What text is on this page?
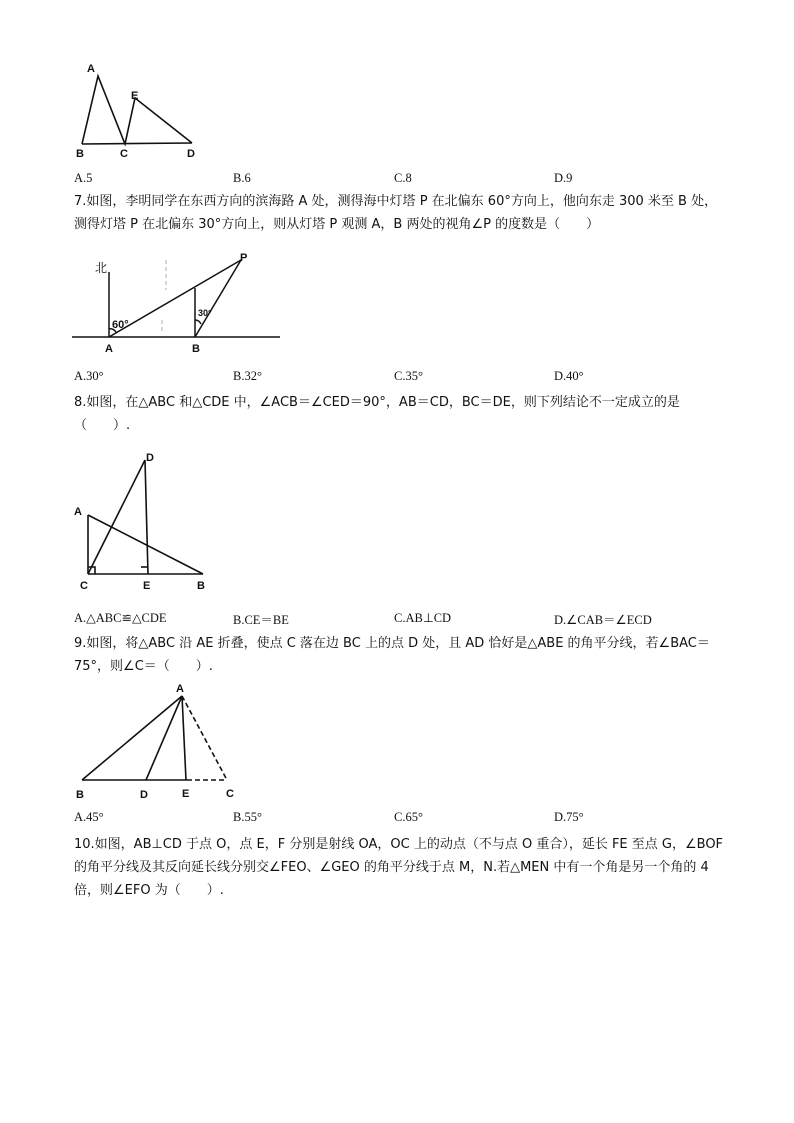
A
E
B	C	D
A.5	B.6	C.8	D.9
7.如图，李明同学在东西方向的滨海路 A 处，测得海中灯塔 P 在北偏东 60°方向上，他向东走 300 米至 B 处，测得灯塔 P 在北偏东 30°方向上，则从灯塔 P 观测 A，B 两处的视角∠P 的度数是（　　）
北
60°
30°
A	B
P
A.30°	B.32°	C.35°	D.40°
8.如图，在△ABC 和△CDE 中，∠ACB＝∠CED＝90°，AB＝CD，BC＝DE，则下列结论不一定成立的是（　　）.
D
A
C	E	B
A.△ABC≌△CDE	B.CE＝BE	C.AB⊥CD	D.∠CAB＝∠ECD
9.如图，将△ABC 沿 AE 折叠，使点 C 落在边 BC 上的点 D 处，且 AD 恰好是△ABE 的角平分线，若∠BAC＝75°，则∠C＝（　　）.
A
B	D	E	C
A.45°	B.55°	C.65°	D.75°
10.如图，AB⊥CD 于点 O，点 E，F 分别是射线 OA，OC 上的动点（不与点 O 重合），延长 FE 至点 G，∠BOF 的角平分线及其反向延长线分别交∠FEO、∠GEO 的角平分线于点 M，N.若△MEN 中有一个角是另一个角的 4 倍，则∠EFO 为（　　）.
